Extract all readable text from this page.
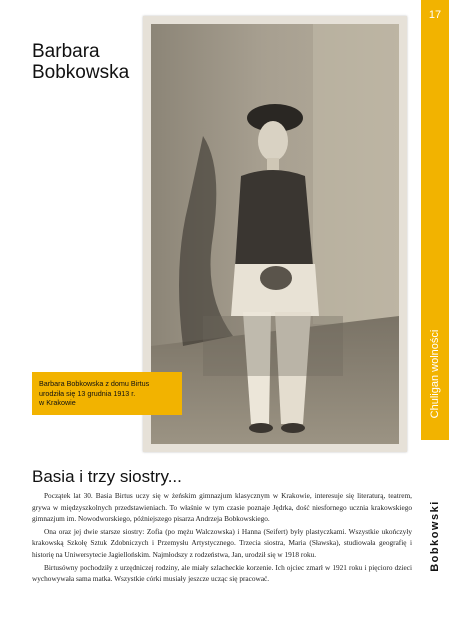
17
Chuligan wolności
Bobkowski
Barbara
Bobkowska
Barbara Bobkowska z domu Birtus
urodziła się 13 grudnia 1913 r.
w Krakowie
Basia i trzy siostry...

Początek lat 30. Basia Birtus uczy się w żeńskim gimnazjum klasycznym w Krakowie, interesuje się literaturą, teatrem, grywa w międzyszkolnych przedstawieniach. To właśnie w tym czasie poznaje Jędrka, dość niesfornego ucznia krakowskiego gimnazjum im. Nowodworskiego, późniejszego pisarza Andrzeja Bobkowskiego.

Ona oraz jej dwie starsze siostry: Zofia (po mężu Walczowska) i Hanna (Seifert) były plastyczkami. Wszystkie ukończyły krakowską Szkołę Sztuk Zdobniczych i Przemysłu Artystycznego. Trzecia siostra, Maria (Sławska), studiowała geografię i historię na Uniwersytecie Jagiellońskim. Najmłodszy z rodzeństwa, Jan, urodził się w 1918 roku.

Birtusówny pochodziły z urzędniczej rodziny, ale miały szlacheckie korzenie. Ich ojciec zmarł w 1921 roku i pięcioro dzieci wychowywała sama matka. Wszystkie córki musiały jeszcze ucząc się pracować.
